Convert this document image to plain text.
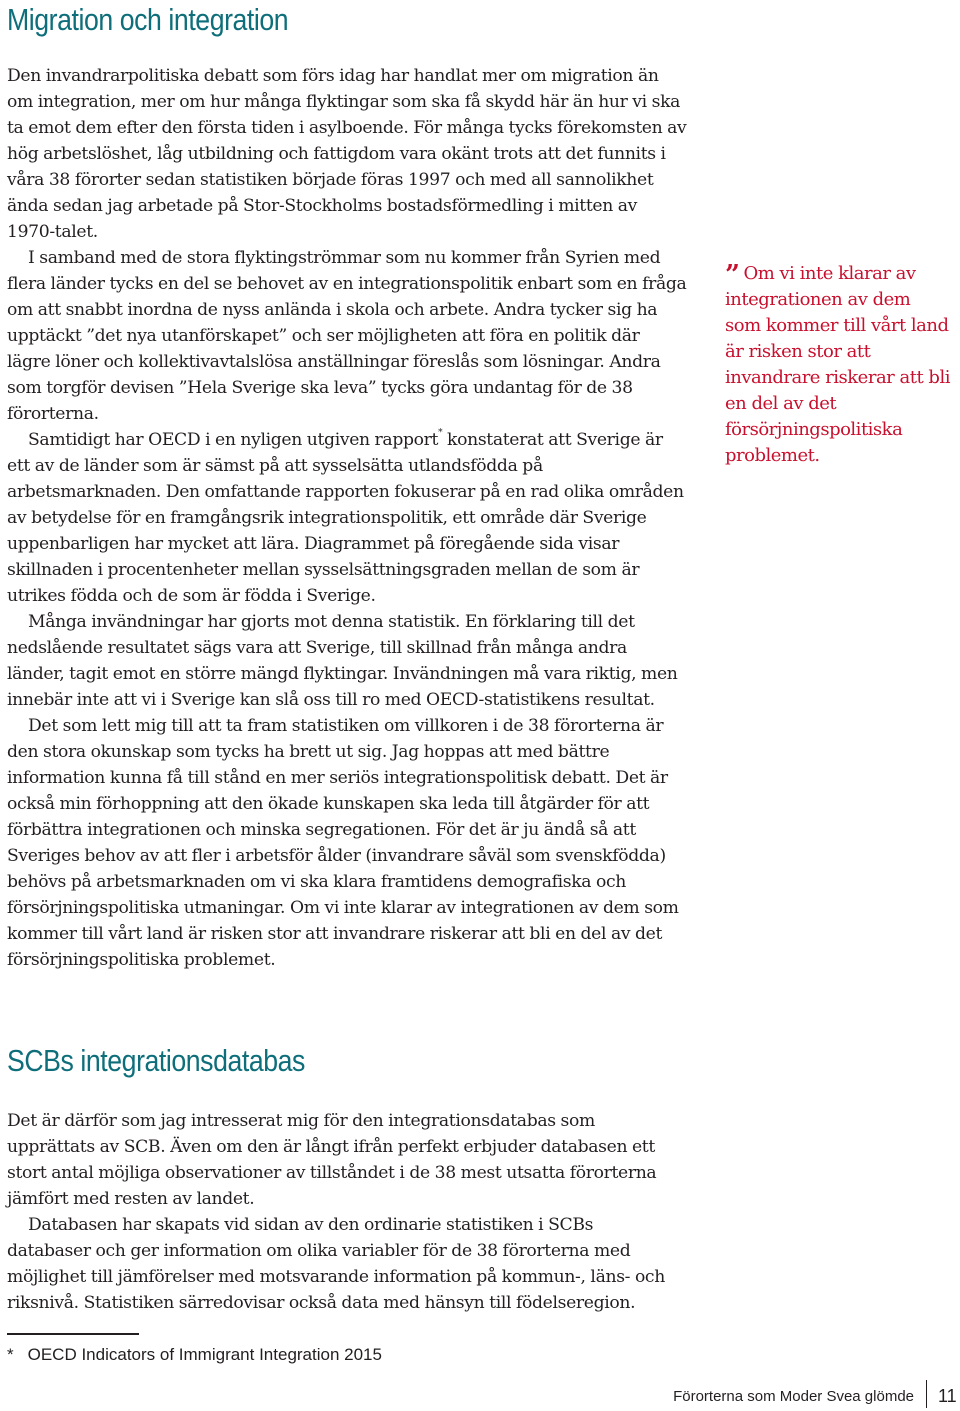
Migration och integration

Den invandrarpolitiska debatt som förs idag har handlat mer om migration än om integration, mer om hur många flyktingar som ska få skydd här än hur vi ska ta emot dem efter den första tiden i asylboende. För många tycks förekomsten av hög arbetslöshet, låg utbildning och fattigdom vara okänt trots att det funnits i våra 38 förorter sedan statistiken började föras 1997 och med all sannolikhet ända sedan jag arbetade på Stor-Stockholms bostadsförmedling i mitten av 1970-talet.

I samband med de stora flyktingströmmar som nu kommer från Syrien med flera länder tycks en del se behovet av en integrationspolitik enbart som en fråga om att snabbt inordna de nyss anlända i skola och arbete. Andra tycker sig ha upptäckt ”det nya utanförskapet” och ser möjligheten att föra en politik där lägre löner och kollektivavtalslösa anställningar föreslås som lösningar. Andra som torgför devisen ”Hela Sverige ska leva” tycks göra undantag för de 38 förorterna.

Samtidigt har OECD i en nyligen utgiven rapport* konstaterat att Sverige är ett av de länder som är sämst på att sysselsätta utlandsfödda på arbetsmarknaden. Den omfattande rapporten fokuserar på en rad olika områden av betydelse för en framgångsrik integrationspolitik, ett område där Sverige uppenbarligen har mycket att lära. Diagrammet på föregående sida visar skillnaden i procentenheter mellan sysselsättningsgraden mellan de som är utrikes födda och de som är födda i Sverige.

Många invändningar har gjorts mot denna statistik. En förklaring till det nedslående resultatet sägs vara att Sverige, till skillnad från många andra länder, tagit emot en större mängd flyktingar. Invändningen må vara riktig, men innebär inte att vi i Sverige kan slå oss till ro med OECD-statistikens resultat.

Det som lett mig till att ta fram statistiken om villkoren i de 38 förorterna är den stora okunskap som tycks ha brett ut sig. Jag hoppas att med bättre information kunna få till stånd en mer seriös integrationspolitisk debatt. Det är också min förhoppning att den ökade kunskapen ska leda till åtgärder för att förbättra integrationen och minska segregationen. För det är ju ändå så att Sveriges behov av att fler i arbetsför ålder (invandrare såväl som svenskfödda) behövs på arbetsmarknaden om vi ska klara framtidens demografiska och försörjningspolitiska utmaningar. Om vi inte klarar av integrationen av dem som kommer till vårt land är risken stor att invandrare riskerar att bli en del av det försörjningspolitiska problemet.

” Om vi inte klarar av integrationen av dem som kommer till vårt land är risken stor att invandrare riskerar att bli en del av det försörjningspolitiska problemet.
SCBs integrationsdatabas

Det är därför som jag intresserat mig för den integrationsdatabas som upprättats av SCB. Även om den är långt ifrån perfekt erbjuder databasen ett stort antal möjliga observationer av tillståndet i de 38 mest utsatta förorterna jämfört med resten av landet.

Databasen har skapats vid sidan av den ordinarie statistiken i SCBs databaser och ger information om olika variabler för de 38 förorterna med möjlighet till jämförelser med motsvarande information på kommun-, läns- och riksnivå. Statistiken särredovisar också data med hänsyn till födelseregion.

* OECD Indicators of Immigrant Integration 2015
Förorterna som Moder Svea glömde 11
